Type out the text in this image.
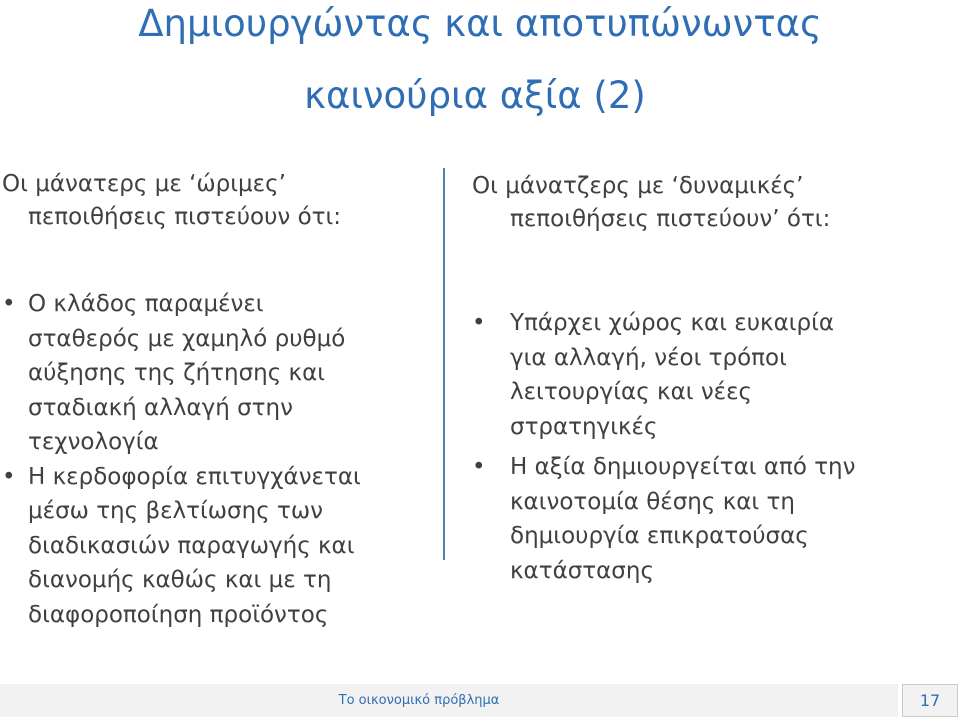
Δημιουργώντας και αποτυπώνωντας
καινούρια αξία (2)

Οι μάνατερς με ‘ώριμες’
πεποιθήσεις πιστεύουν ότι:

• Ο κλάδος παραμένει
σταθερός με χαμηλό ρυθμό
αύξησης της ζήτησης και
σταδιακή αλλαγή στην
τεχνολογία
• Η κερδοφορία επιτυγχάνεται
μέσω της βελτίωσης των
διαδικασιών παραγωγής και
διανομής καθώς και με τη
διαφοροποίηση προϊόντος

Οι μάνατζερς με ‘δυναμικές’
πεποιθήσεις πιστεύουν’ ότι:

• Υπάρχει χώρος και ευκαιρία
για αλλαγή, νέοι τρόποι
λειτουργίας και νέες
στρατηγικές
• Η αξία δημιουργείται από την
καινοτομία θέσης και τη
δημιουργία επικρατούσας
κατάστασης
Το οικονομικό πρόβλημα	17
